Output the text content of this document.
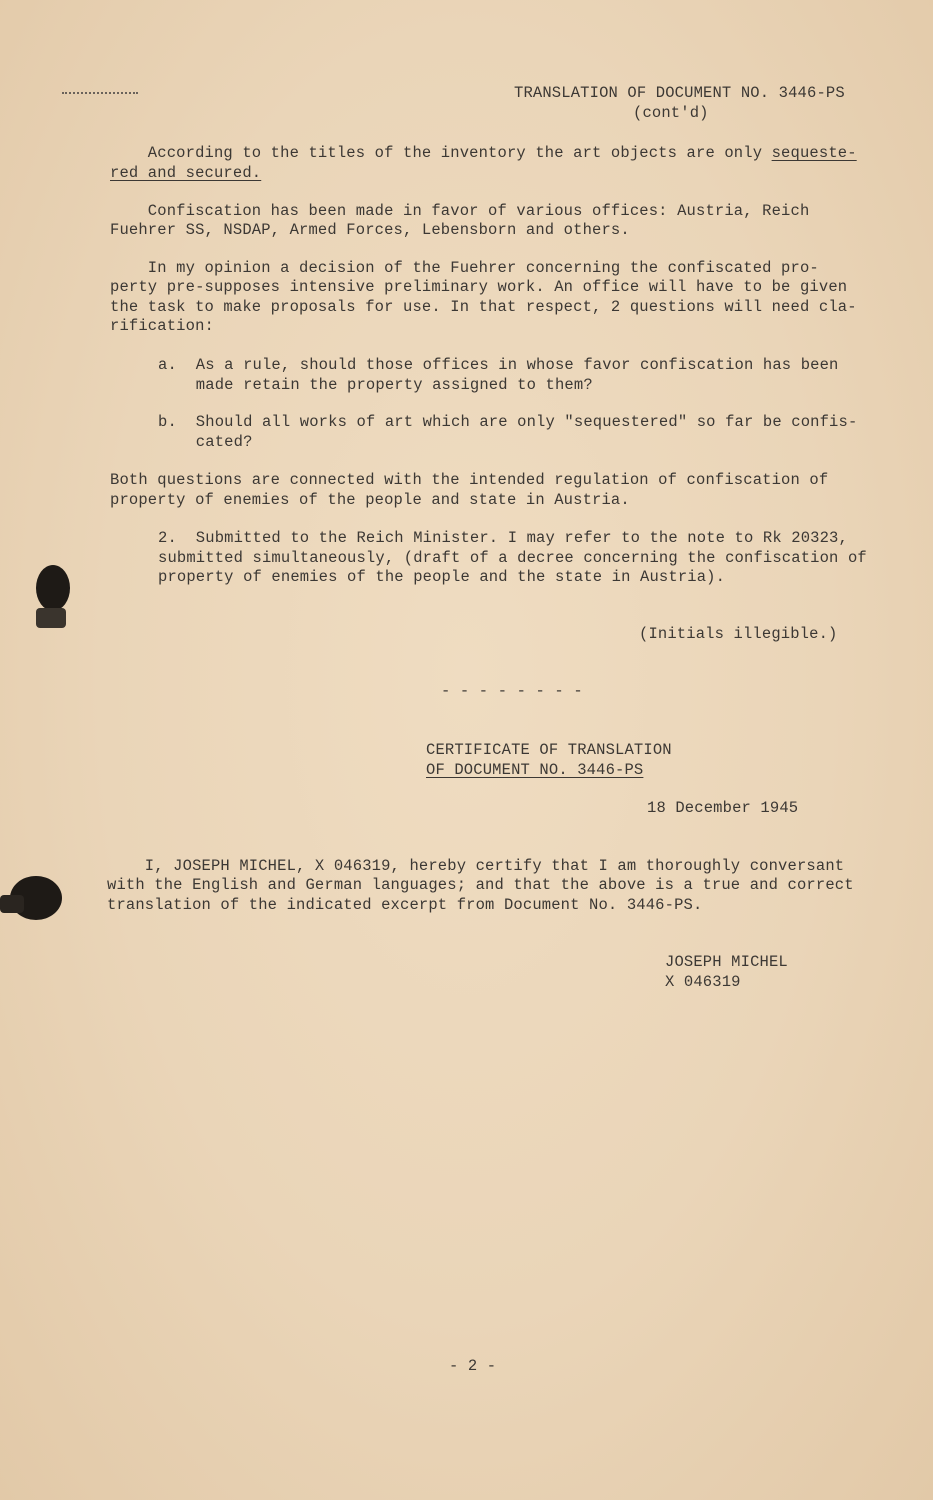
TRANSLATION OF DOCUMENT NO. 3446-PS
(cont'd)
According to the titles of the inventory the art objects are only sequeste-
red and secured.
Confiscation has been made in favor of various offices: Austria, Reich
Fuehrer SS, NSDAP, Armed Forces, Lebensborn and others.
In my opinion a decision of the Fuehrer concerning the confiscated pro-
perty pre-supposes intensive preliminary work. An office will have to be given
the task to make proposals for use. In that respect, 2 questions will need cla-
rification:
a.  As a rule, should those offices in whose favor confiscation has been
made retain the property assigned to them?
b.  Should all works of art which are only "sequestered" so far be confis-
cated?
Both questions are connected with the intended regulation of confiscation of
property of enemies of the people and state in Austria.
2.  Submitted to the Reich Minister. I may refer to the note to Rk 20323,
submitted simultaneously, (draft of a decree concerning the confiscation of
property of enemies of the people and the state in Austria).
(Initials illegible.)
- - - - - - - -
CERTIFICATE OF TRANSLATION
OF DOCUMENT NO. 3446-PS
18 December 1945
I, JOSEPH MICHEL, X 046319, hereby certify that I am thoroughly conversant
with the English and German languages; and that the above is a true and correct
translation of the indicated excerpt from Document No. 3446-PS.
JOSEPH MICHEL
X 046319
- 2 -
